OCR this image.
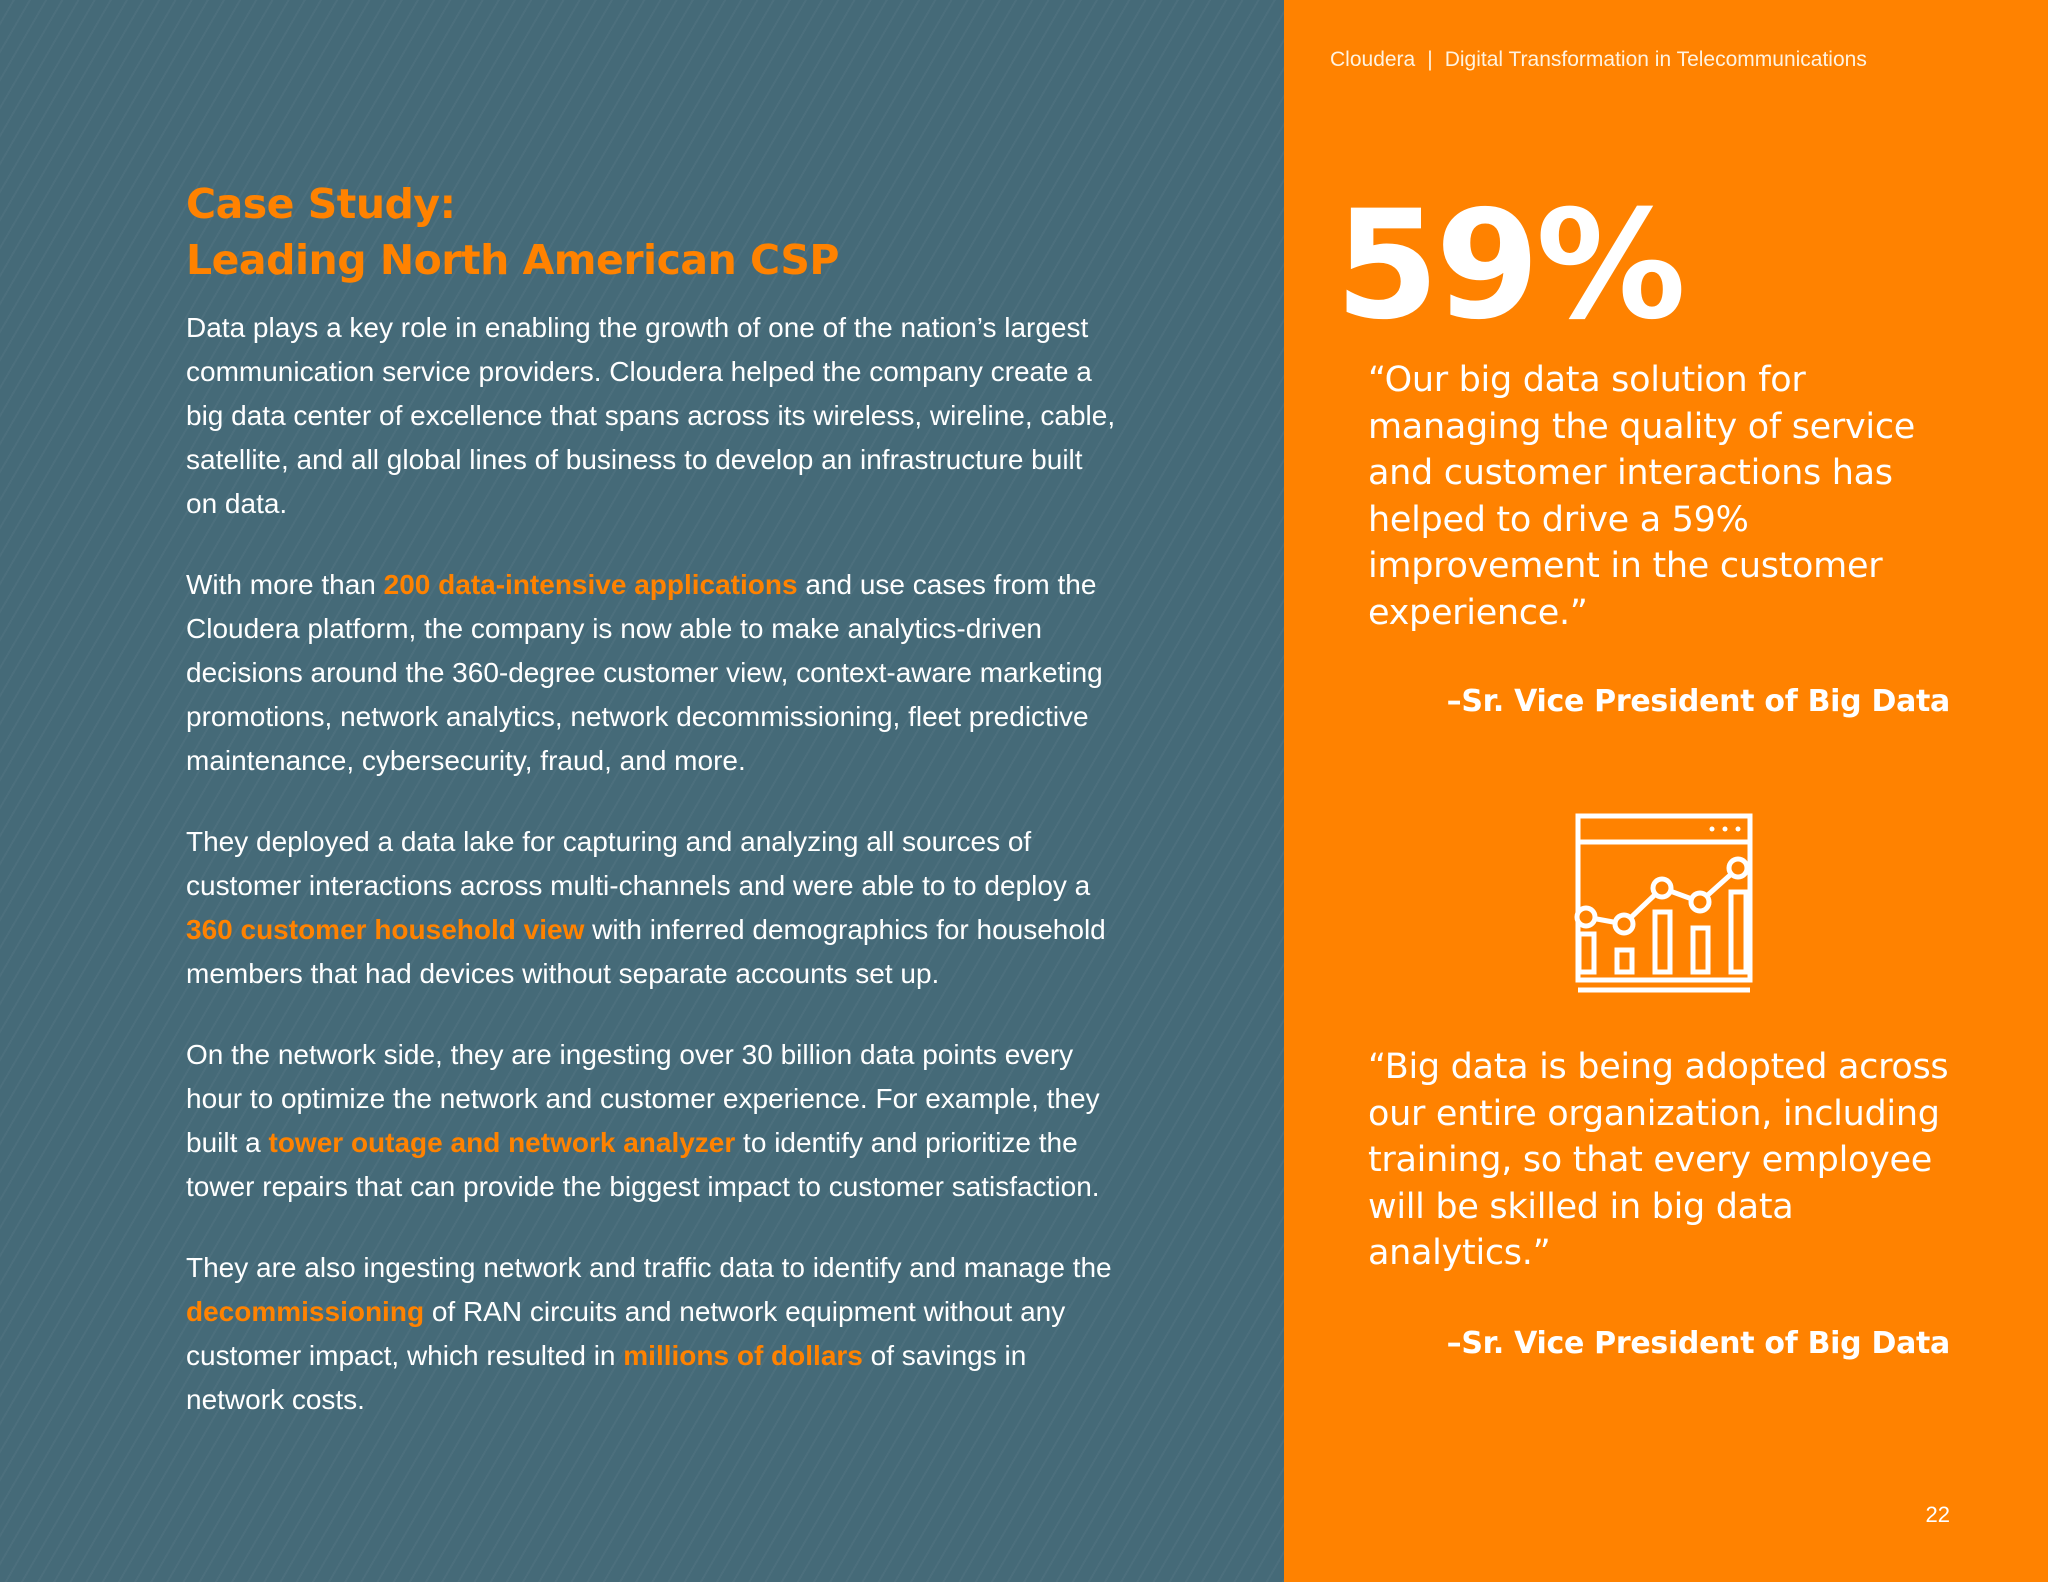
Cloudera | Digital Transformation in Telecommunications
Case Study:
Leading North American CSP

Data plays a key role in enabling the growth of one of the nation’s largest communication service providers. Cloudera helped the company create a big data center of excellence that spans across its wireless, wireline, cable, satellite, and all global lines of business to develop an infrastructure built on data.

With more than 200 data-intensive applications and use cases from the Cloudera platform, the company is now able to make analytics-driven decisions around the 360-degree customer view, context-aware marketing promotions, network analytics, network decommissioning, fleet predictive maintenance, cybersecurity, fraud, and more.

They deployed a data lake for capturing and analyzing all sources of customer interactions across multi-channels and were able to to deploy a 360 customer household view with inferred demographics for household members that had devices without separate accounts set up.

On the network side, they are ingesting over 30 billion data points every hour to optimize the network and customer experience. For example, they built a tower outage and network analyzer to identify and prioritize the tower repairs that can provide the biggest impact to customer satisfaction.

They are also ingesting network and traffic data to identify and manage the decommissioning of RAN circuits and network equipment without any customer impact, which resulted in millions of dollars of savings in network costs.

59%

“Our big data solution for managing the quality of service and customer interactions has helped to drive a 59% improvement in the customer experience.”

–Sr. Vice President of Big Data

“Big data is being adopted across our entire organization, including training, so that every employee will be skilled in big data analytics.”

–Sr. Vice President of Big Data
22
